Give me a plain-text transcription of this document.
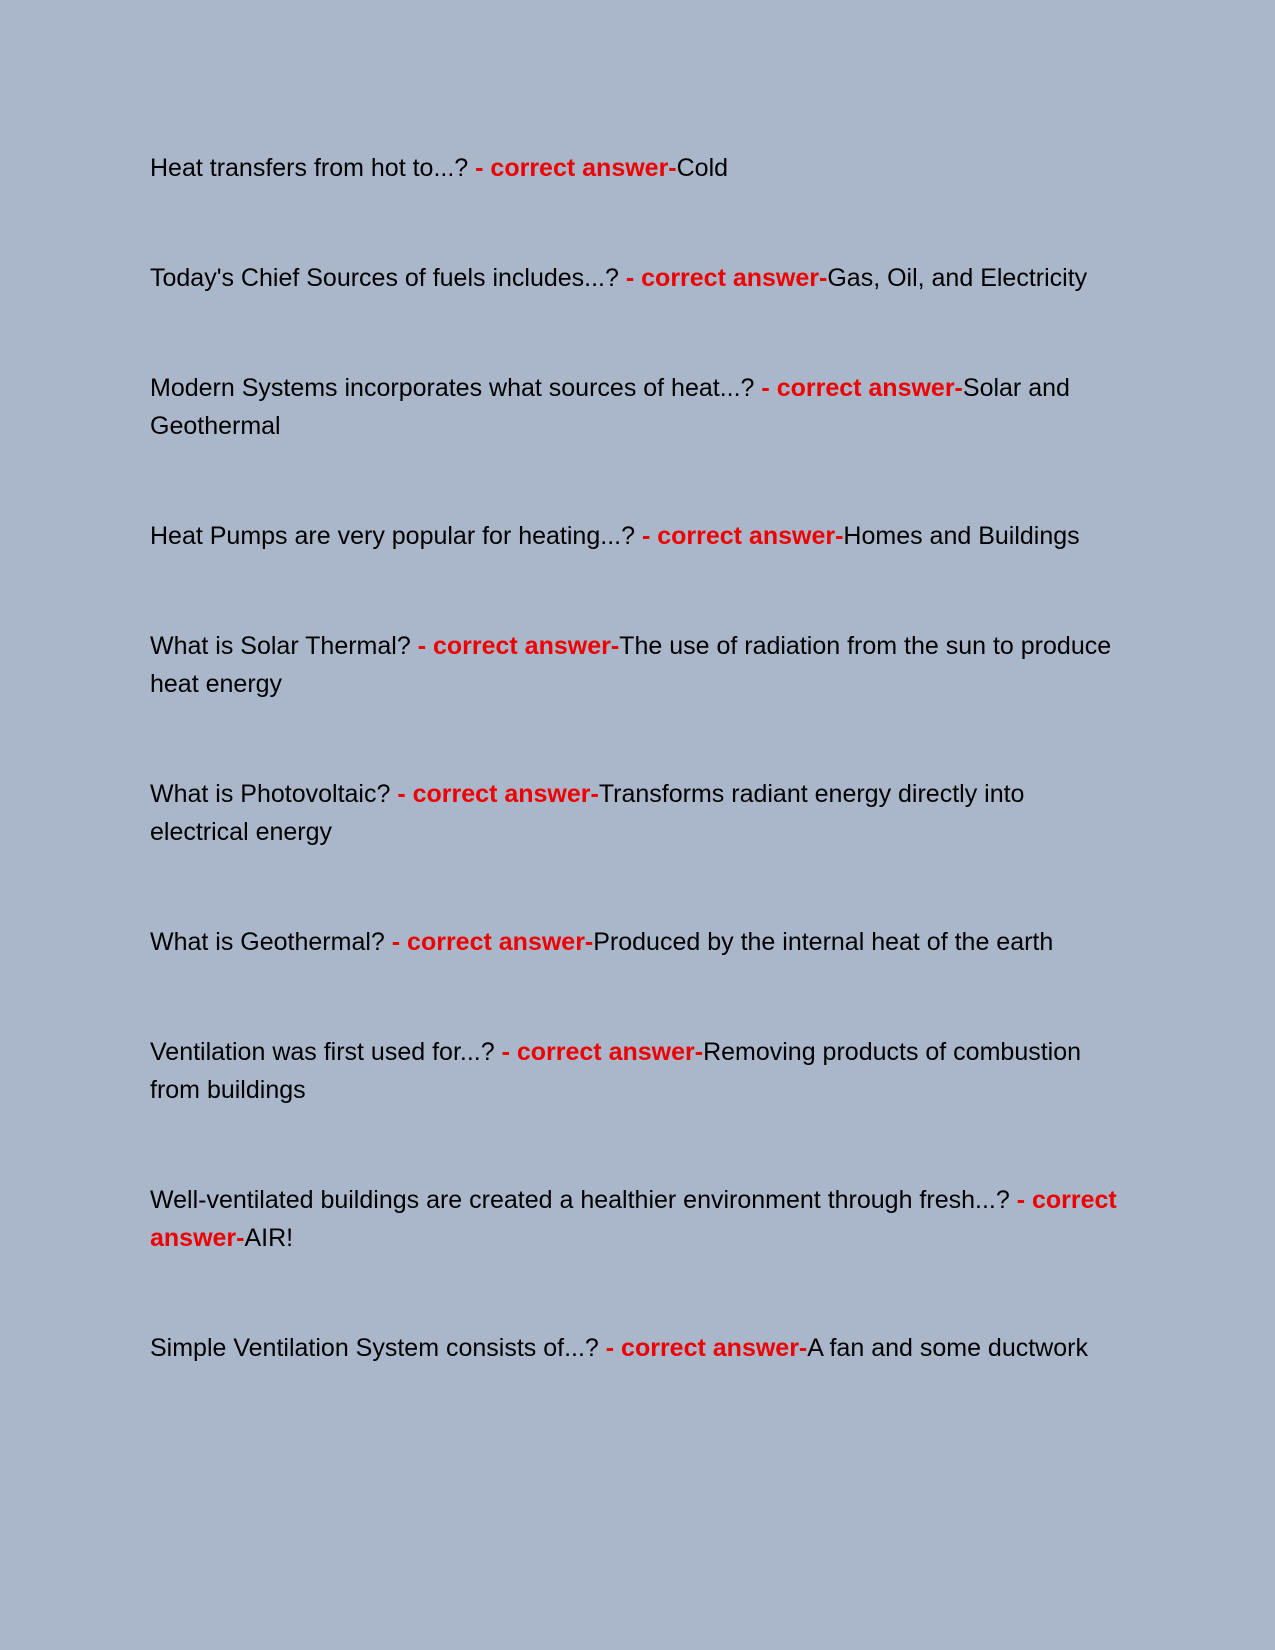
Heat transfers from hot to...? - correct answer-Cold
Today's Chief Sources of fuels includes...? - correct answer-Gas, Oil, and Electricity
Modern Systems incorporates what sources of heat...? - correct answer-Solar and Geothermal
Heat Pumps are very popular for heating...? - correct answer-Homes and Buildings
What is Solar Thermal? - correct answer-The use of radiation from the sun to produce heat energy
What is Photovoltaic? - correct answer-Transforms radiant energy directly into electrical energy
What is Geothermal? - correct answer-Produced by the internal heat of the earth
Ventilation was first used for...? - correct answer-Removing products of combustion from buildings
Well-ventilated buildings are created a healthier environment through fresh...? - correct answer-AIR!
Simple Ventilation System consists of...? - correct answer-A fan and some ductwork
